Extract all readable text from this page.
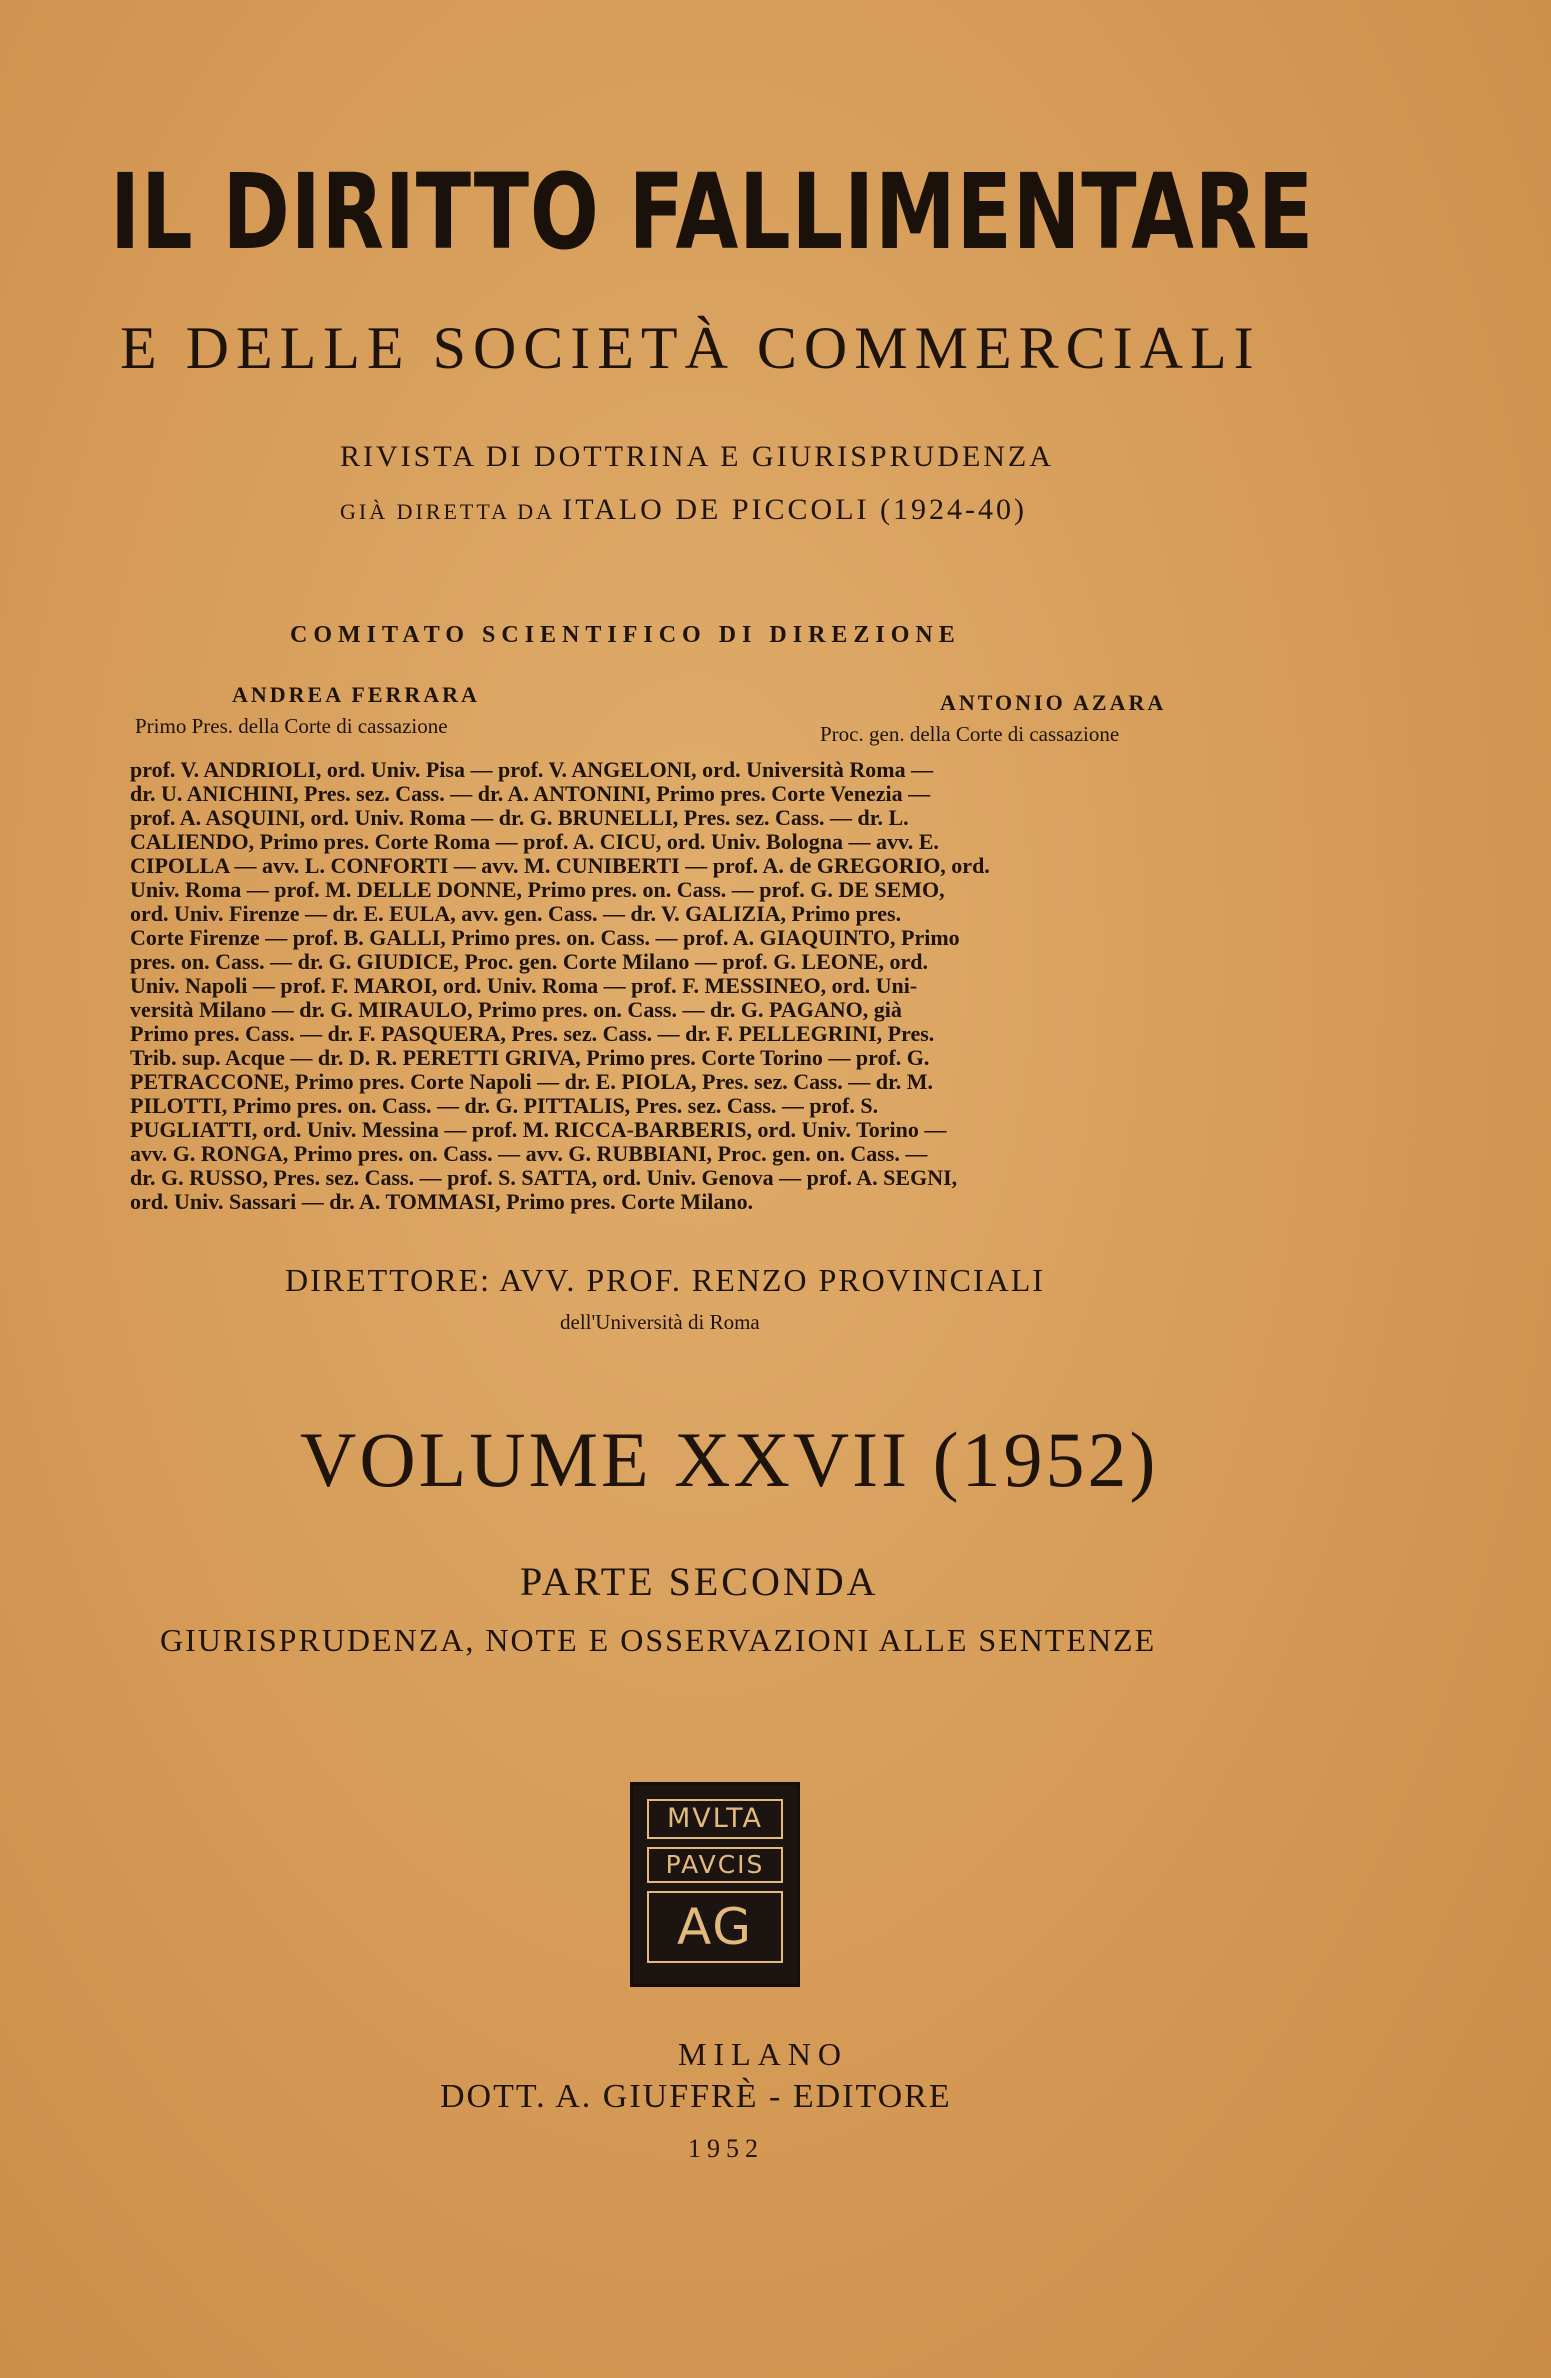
IL DIRITTO FALLIMENTARE
E DELLE SOCIETÀ COMMERCIALI
RIVISTA DI DOTTRINA E GIURISPRUDENZA
GIÀ DIRETTA DA ITALO DE PICCOLI (1924-40)
COMITATO SCIENTIFICO DI DIREZIONE
ANDREA FERRARA
Primo Pres. della Corte di cassazione
ANTONIO AZARA
Proc. gen. della Corte di cassazione
prof. V. ANDRIOLI, ord. Univ. Pisa — prof. V. ANGELONI, ord. Università Roma —
dr. U. ANICHINI, Pres. sez. Cass. — dr. A. ANTONINI, Primo pres. Corte Venezia —
prof. A. ASQUINI, ord. Univ. Roma — dr. G. BRUNELLI, Pres. sez. Cass. — dr. L.
CALIENDO, Primo pres. Corte Roma — prof. A. CICU, ord. Univ. Bologna — avv. E.
CIPOLLA — avv. L. CONFORTI — avv. M. CUNIBERTI — prof. A. de GREGORIO, ord.
Univ. Roma — prof. M. DELLE DONNE, Primo pres. on. Cass. — prof. G. DE SEMO,
ord. Univ. Firenze — dr. E. EULA, avv. gen. Cass. — dr. V. GALIZIA, Primo pres.
Corte Firenze — prof. B. GALLI, Primo pres. on. Cass. — prof. A. GIAQUINTO, Primo
pres. on. Cass. — dr. G. GIUDICE, Proc. gen. Corte Milano — prof. G. LEONE, ord.
Univ. Napoli — prof. F. MAROI, ord. Univ. Roma — prof. F. MESSINEO, ord. Uni-
versità Milano — dr. G. MIRAULO, Primo pres. on. Cass. — dr. G. PAGANO, già
Primo pres. Cass. — dr. F. PASQUERA, Pres. sez. Cass. — dr. F. PELLEGRINI, Pres.
Trib. sup. Acque — dr. D. R. PERETTI GRIVA, Primo pres. Corte Torino — prof. G.
PETRACCONE, Primo pres. Corte Napoli — dr. E. PIOLA, Pres. sez. Cass. — dr. M.
PILOTTI, Primo pres. on. Cass. — dr. G. PITTALIS, Pres. sez. Cass. — prof. S.
PUGLIATTI, ord. Univ. Messina — prof. M. RICCA-BARBERIS, ord. Univ. Torino —
avv. G. RONGA, Primo pres. on. Cass. — avv. G. RUBBIANI, Proc. gen. on. Cass. —
dr. G. RUSSO, Pres. sez. Cass. — prof. S. SATTA, ord. Univ. Genova — prof. A. SEGNI,
ord. Univ. Sassari — dr. A. TOMMASI, Primo pres. Corte Milano.
DIRETTORE: AVV. PROF. RENZO PROVINCIALI
dell'Università di Roma
VOLUME XXVII (1952)
PARTE SECONDA
GIURISPRUDENZA, NOTE E OSSERVAZIONI ALLE SENTENZE
MVLTA
PAVCIS
AG
MILANO
DOTT. A. GIUFFRÈ - EDITORE
1952
